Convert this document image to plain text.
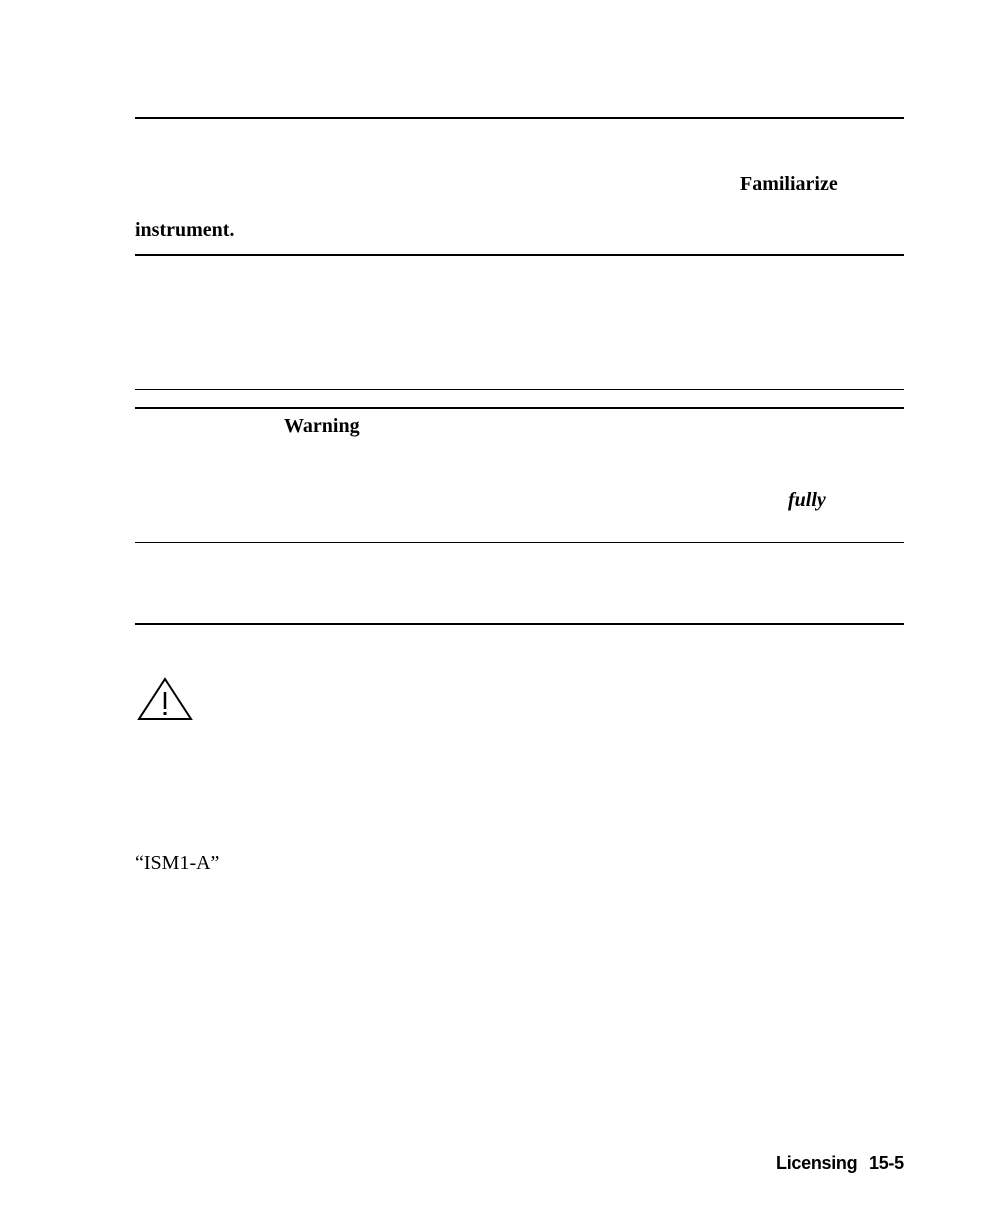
Familiarize
instrument.
Warning
fully
“ISM1-A”
Licensing 15-5
